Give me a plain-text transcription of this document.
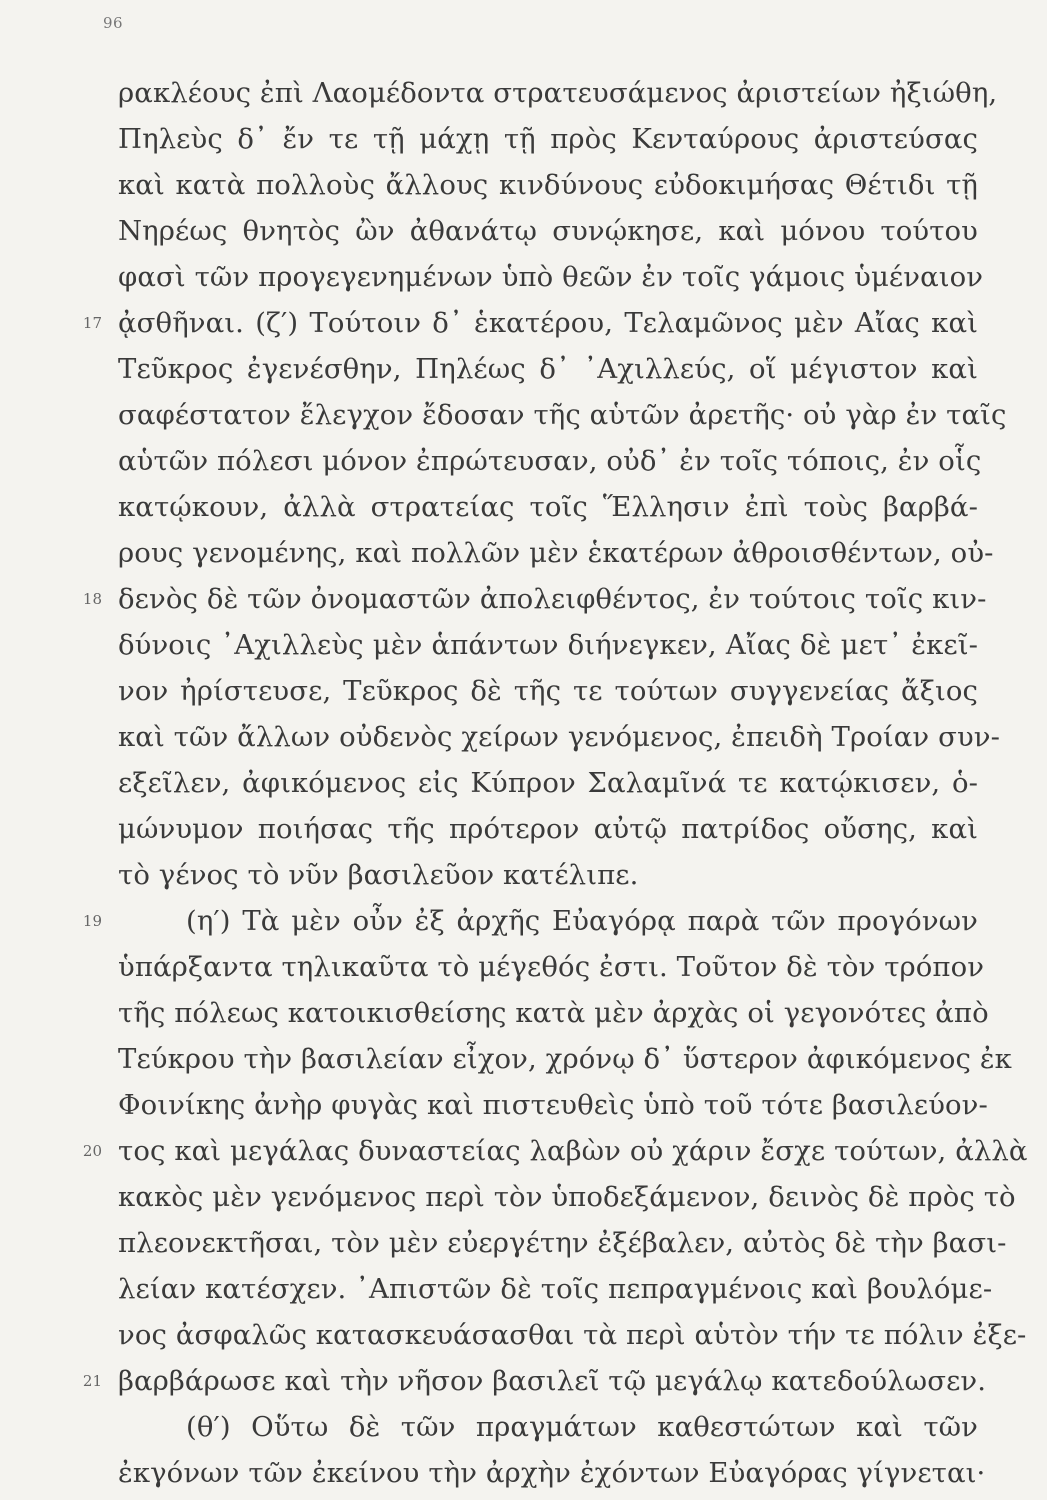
96
ρακλέους ἐπὶ Λαομέδοντα στρατευσάμενος ἀριστείων ἠξιώθη,
Πηλεὺς δ᾽ ἔν τε τῇ μάχῃ τῇ πρὸς Κενταύρους ἀριστεύσας
καὶ κατὰ πολλοὺς ἄλλους κινδύνους εὐδοκιμήσας Θέτιδι τῇ
Νηρέως θνητὸς ὢν ἀθανάτῳ συνῴκησε, καὶ μόνου τούτου
φασὶ τῶν προγεγενημένων ὑπὸ θεῶν ἐν τοῖς γάμοις ὑμέναιον
17 ᾀσθῆναι. (ζ′) Τούτοιν δ᾽ ἑκατέρου, Τελαμῶνος μὲν Αἴας καὶ
Τεῦκρος ἐγενέσθην, Πηλέως δ᾽ ᾿Αχιλλεύς, οἵ μέγιστον καὶ
σαφέστατον ἔλεγχον ἔδοσαν τῆς αὑτῶν ἀρετῆς· οὐ γὰρ ἐν ταῖς
αὑτῶν πόλεσι μόνον ἐπρώτευσαν, οὐδ᾽ ἐν τοῖς τόποις, ἐν οἷς
κατῴκουν, ἀλλὰ στρατείας τοῖς Ἕλλησιν ἐπὶ τοὺς βαρβά-
ρους γενομένης, καὶ πολλῶν μὲν ἑκατέρων ἀθροισθέντων, οὐ-
18 δενὸς δὲ τῶν ὀνομαστῶν ἀπολειφθέντος, ἐν τούτοις τοῖς κιν-
δύνοις ᾿Αχιλλεὺς μὲν ἁπάντων διήνεγκεν, Αἴας δὲ μετ᾽ ἐκεῖ-
νον ἠρίστευσε, Τεῦκρος δὲ τῆς τε τούτων συγγενείας ἄξιος
καὶ τῶν ἄλλων οὐδενὸς χείρων γενόμενος, ἐπειδὴ Τροίαν συν-
εξεῖλεν, ἀφικόμενος εἰς Κύπρον Σαλαμῖνά τε κατῴκισεν, ὁ-
μώνυμον ποιήσας τῆς πρότερον αὐτῷ πατρίδος οὔσης, καὶ
τὸ γένος τὸ νῦν βασιλεῦον κατέλιπε.
19	(η′) Τὰ μὲν οὖν ἐξ ἀρχῆς Εὐαγόρᾳ παρὰ τῶν προγόνων
ὑπάρξαντα τηλικαῦτα τὸ μέγεθός ἐστι. Τοῦτον δὲ τὸν τρόπον
τῆς πόλεως κατοικισθείσης κατὰ μὲν ἀρχὰς οἱ γεγονότες ἀπὸ
Τεύκρου τὴν βασιλείαν εἶχον, χρόνῳ δ᾽ ὕστερον ἀφικόμενος ἐκ
Φοινίκης ἀνὴρ φυγὰς καὶ πιστευθεὶς ὑπὸ τοῦ τότε βασιλεύον-
20 τος καὶ μεγάλας δυναστείας λαβὼν οὐ χάριν ἔσχε τούτων, ἀλλὰ
κακὸς μὲν γενόμενος περὶ τὸν ὑποδεξάμενον, δεινὸς δὲ πρὸς τὸ
πλεονεκτῆσαι, τὸν μὲν εὐεργέτην ἐξέβαλεν, αὐτὸς δὲ τὴν βασι-
λείαν κατέσχεν. ᾿Απιστῶν δὲ τοῖς πεπραγμένοις καὶ βουλόμε-
νος ἀσφαλῶς κατασκευάσασθαι τὰ περὶ αὑτὸν τήν τε πόλιν ἐξε-
21 βαρβάρωσε καὶ τὴν νῆσον βασιλεῖ τῷ μεγάλῳ κατεδούλωσεν.
(θ′) Οὕτω δὲ τῶν πραγμάτων καθεστώτων καὶ τῶν
ἐκγόνων τῶν ἐκείνου τὴν ἀρχὴν ἐχόντων Εὐαγόρας γίγνεται·
